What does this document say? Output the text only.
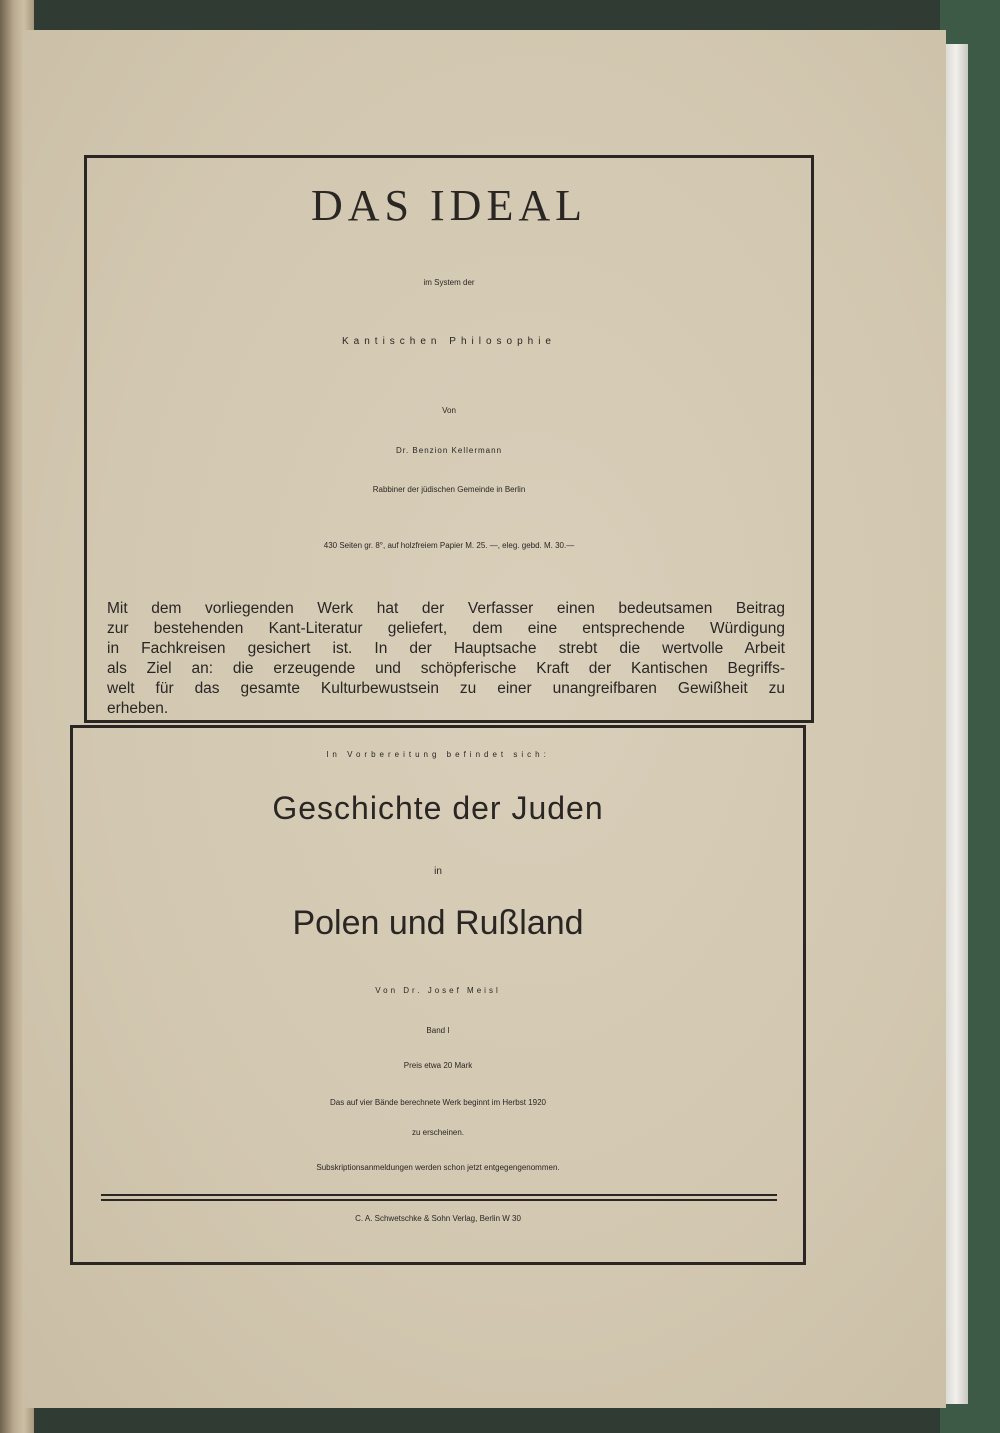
DAS IDEAL
im System der
Kantischen Philosophie
Von
Dr. Benzion Kellermann
Rabbiner der jüdischen Gemeinde in Berlin
430 Seiten gr. 8°, auf holzfreiem Papier M. 25. —, eleg. gebd. M. 30.—
Mit dem vorliegenden Werk hat der Verfasser einen bedeutsamen Beitrag
zur bestehenden Kant-Literatur geliefert, dem eine entsprechende Würdigung
in Fachkreisen gesichert ist. In der Hauptsache strebt die wertvolle Arbeit
als Ziel an: die erzeugende und schöpferische Kraft der Kantischen Begriffs-
welt für das gesamte Kulturbewustsein zu einer unangreifbaren Gewißheit zu
erheben.
In Vorbereitung befindet sich:
Geschichte der Juden
in
Polen und Rußland
Von Dr. Josef Meisl
Band I
Preis etwa 20 Mark
Das auf vier Bände berechnete Werk beginnt im Herbst 1920
zu erscheinen.
Subskriptionsanmeldungen werden schon jetzt entgegengenommen.
C. A. Schwetschke & Sohn Verlag, Berlin W 30
